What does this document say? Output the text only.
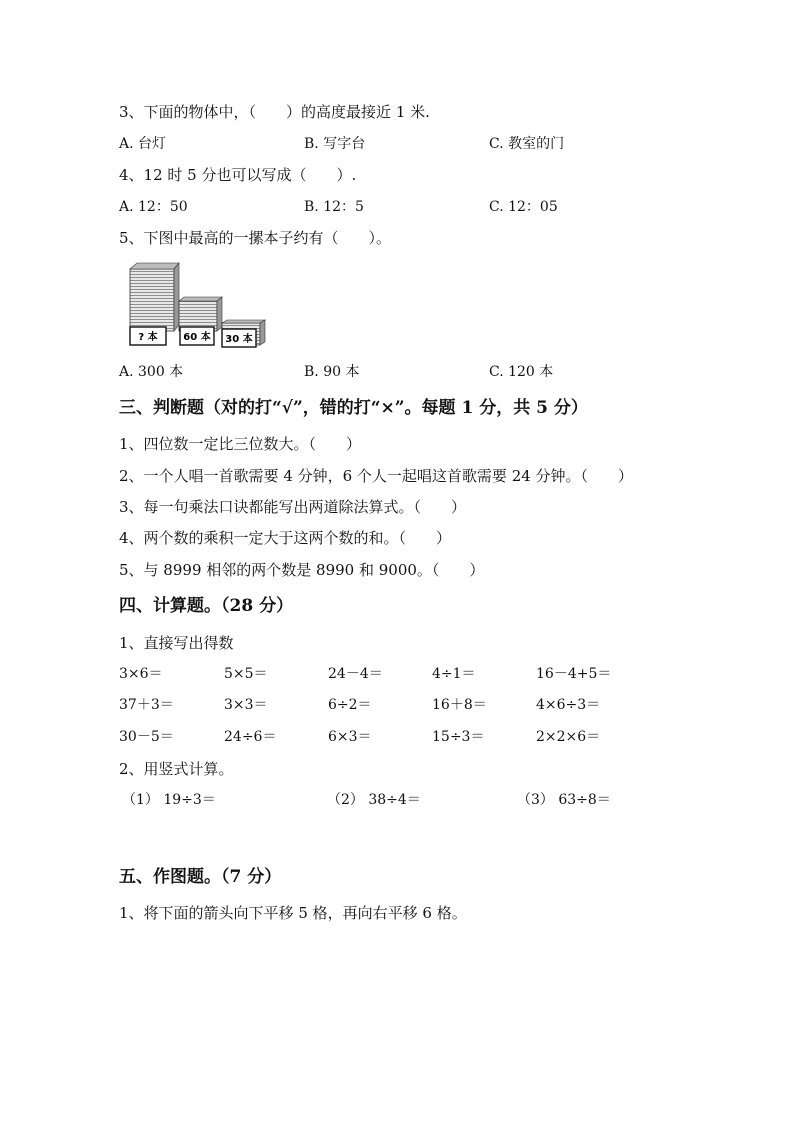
3、下面的物体中，（　　）的高度最接近 1 米.
A. 台灯	B. 写字台	C. 教室的门
4、12 时 5 分也可以写成（　　）.
A. 12：50	B. 12：5	C. 12：05
5、下图中最高的一摞本子约有（　　）。
? 本	60 本 30 本
A. 300 本	B. 90 本	C. 120 本
三、判断题（对的打“√”，错的打“×”。每题 1 分，共 5 分）
1、四位数一定比三位数大。（　　）
2、一个人唱一首歌需要 4 分钟，6 个人一起唱这首歌需要 24 分钟。（　　）
3、每一句乘法口诀都能写出两道除法算式。（　　）
4、两个数的乘积一定大于这两个数的和。（　　）
5、与 8999 相邻的两个数是 8990 和 9000。（　　）
四、计算题。（28 分）
1、直接写出得数
3×6＝	5×5＝	24－4＝	4÷1＝	16－4+5＝
37＋3＝	3×3＝	6÷2＝	16＋8＝	4×6÷3＝
30－5＝	24÷6＝	6×3＝	15÷3＝	2×2×6＝
2、用竖式计算。
（1） 19÷3＝	（2） 38÷4＝	（3） 63÷8＝
五、作图题。（7 分）
1、将下面的箭头向下平移 5 格，再向右平移 6 格。
